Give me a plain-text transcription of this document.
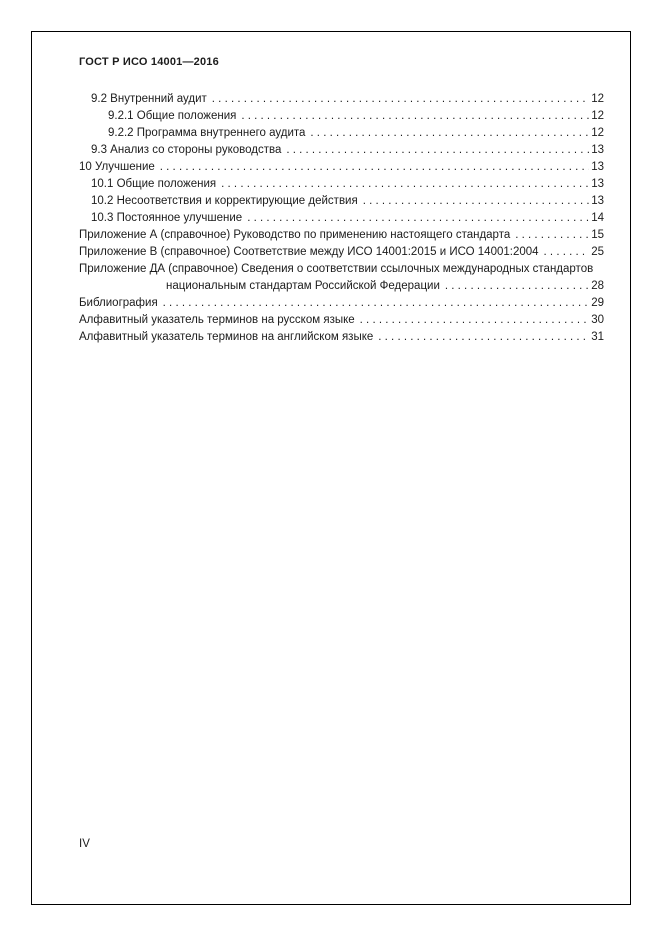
ГОСТ Р ИСО 14001—2016
9.2 Внутренний аудит . . .	12
9.2.1 Общие положения . . .	12
9.2.2 Программа внутреннего аудита . . .	12
9.3 Анализ со стороны руководства . . .	13
10 Улучшение . . .	13
10.1 Общие положения . . .	13
10.2 Несоответствия и корректирующие действия . . .	13
10.3 Постоянное улучшение . . .	14
Приложение А (справочное) Руководство по применению настоящего стандарта . . .	15
Приложение В (справочное) Соответствие между ИСО 14001:2015 и ИСО 14001:2004 . . .	25
Приложение ДА (справочное) Сведения о соответствии ссылочных международных стандартов
национальным стандартам Российской Федерации . . .	28
Библиография . . .	29
Алфавитный указатель терминов на русском языке . . .	30
Алфавитный указатель терминов на английском языке . . .	31
IV
